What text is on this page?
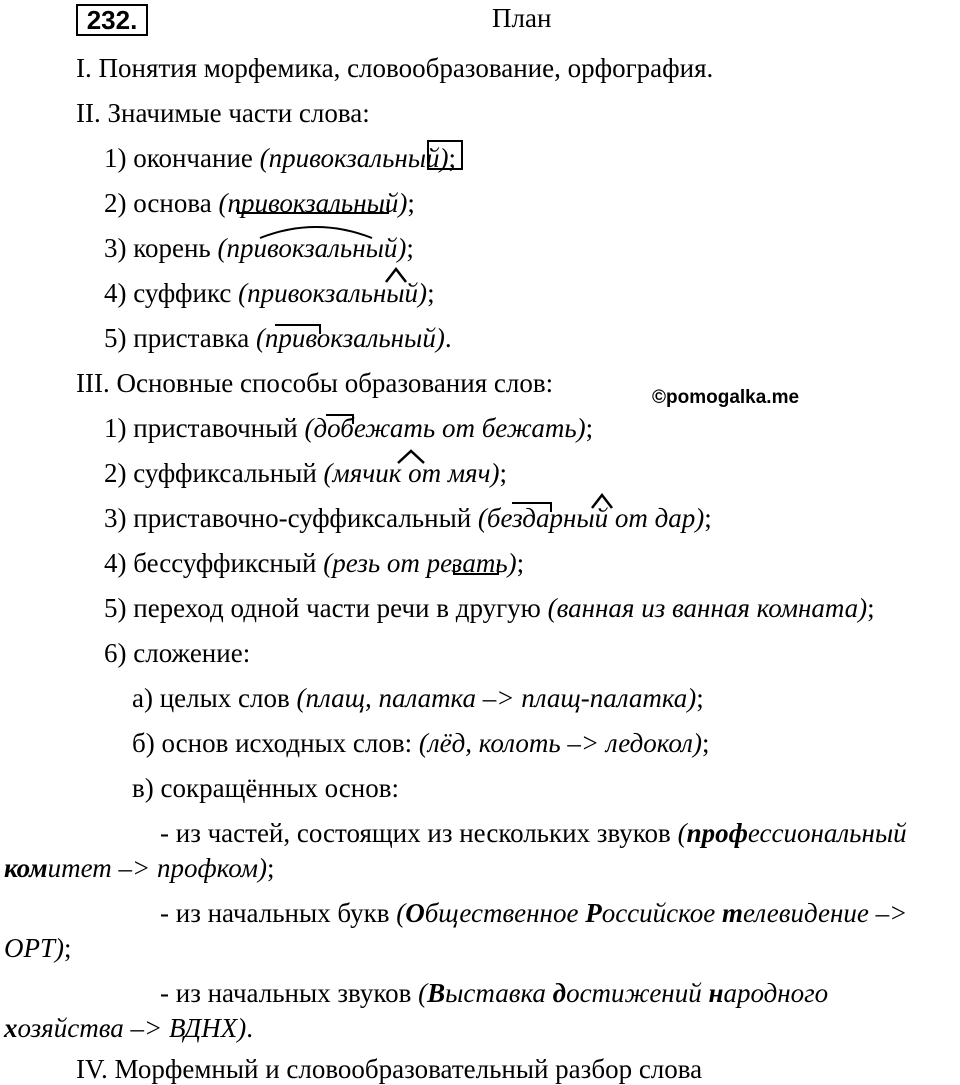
232.	План
I. Понятия морфемика, словообразование, орфография.
II. Значимые части слова:
1) окончание (привокзальный);
2) основа (привокзальный);
3) корень (привокзальный);
4) суффикс (привокзальный);
5) приставка (привокзальный).
III. Основные способы образования слов:	©pomogalka.me
1) приставочный (добежать от бежать);
2) суффиксальный (мячик от мяч);
3) приставочно-суффиксальный (бездарный от дар);
4) бессуффиксный (резь от резать);
5) переход одной части речи в другую (ванная из ванная комната);
6) сложение:
а) целых слов (плащ, палатка –> плащ-палатка);
б) основ исходных слов: (лёд, колоть –> ледокол);
в) сокращённых основ:
- из частей, состоящих из нескольких звуков (профессиональный
комитет –> профком);
- из начальных букв (Общественное Российское телевидение –>
ОРТ);
- из начальных звуков (Выставка достижений народного
хозяйства –> ВДНХ).
IV. Морфемный и словообразовательный разбор слова
